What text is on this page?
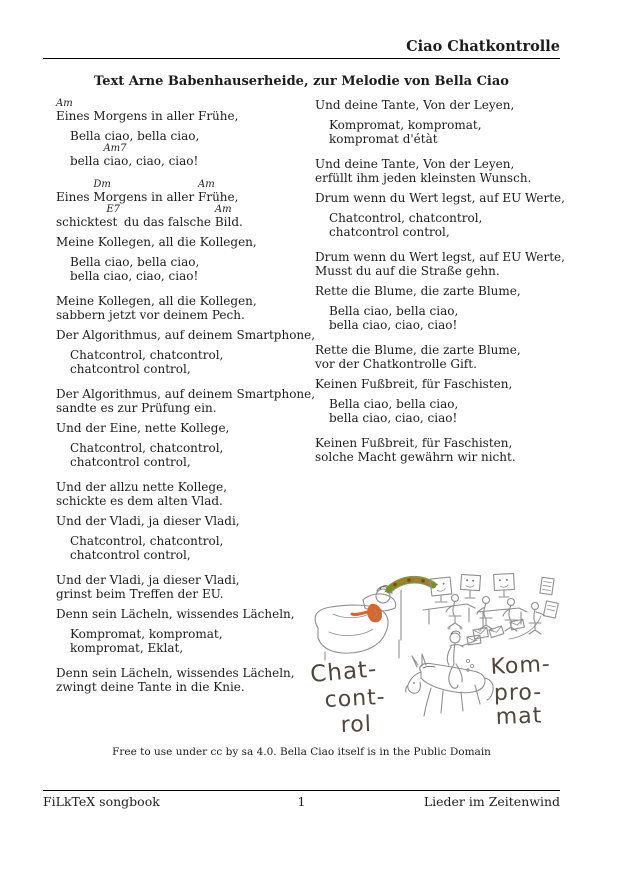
Ciao Chatkontrolle
Text Arne Babenhauserheide, zur Melodie von Bella Ciao
Am
Eines Morgens in aller Frühe,
Bella ciao, bella ciao,
bella
Am7
ciao, ciao, ciao!
Eines
Dm
Morgens in aller
Am
Frühe,
schickte
E7
st du das falsche
Am
Bild.
Meine Kollegen, all die Kollegen,
Bella ciao, bella ciao,
bella ciao, ciao, ciao!
Meine Kollegen, all die Kollegen,
sabbern jetzt vor deinem Pech.
Der Algorithmus, auf deinem Smartphone,
Chatcontrol, chatcontrol,
chatcontrol control,
Der Algorithmus, auf deinem Smartphone,
sandte es zur Prüfung ein.
Und der Eine, nette Kollege,
Chatcontrol, chatcontrol,
chatcontrol control,
Und der allzu nette Kollege,
schickte es dem alten Vlad.
Und der Vladi, ja dieser Vladi,
Chatcontrol, chatcontrol,
chatcontrol control,
Und der Vladi, ja dieser Vladi,
grinst beim Treffen der EU.
Denn sein Lächeln, wissendes Lächeln,
Kompromat, kompromat,
kompromat, Eklat,
Denn sein Lächeln, wissendes Lächeln,
zwingt deine Tante in die Knie.
Und deine Tante, Von der Leyen,
Kompromat, kompromat,
kompromat d'étàt
Und deine Tante, Von der Leyen,
erfüllt ihm jeden kleinsten Wunsch.
Drum wenn du Wert legst, auf EU Werte,
Chatcontrol, chatcontrol,
chatcontrol control,
Drum wenn du Wert legst, auf EU Werte,
Musst du auf die Straße gehn.
Rette die Blume, die zarte Blume,
Bella ciao, bella ciao,
bella ciao, ciao, ciao!
Rette die Blume, die zarte Blume,
vor der Chatkontrolle Gift.
Keinen Fußbreit, für Faschisten,
Bella ciao, bella ciao,
bella ciao, ciao, ciao!
Keinen Fußbreit, für Faschisten,
solche Macht gewährn wir nicht.
Chat-
cont-
rol
Kom-
pro-
mat
Free to use under cc by sa 4.0. Bella Ciao itself is in the Public Domain
FiLkTeX songbook	1	Lieder im Zeitenwind
